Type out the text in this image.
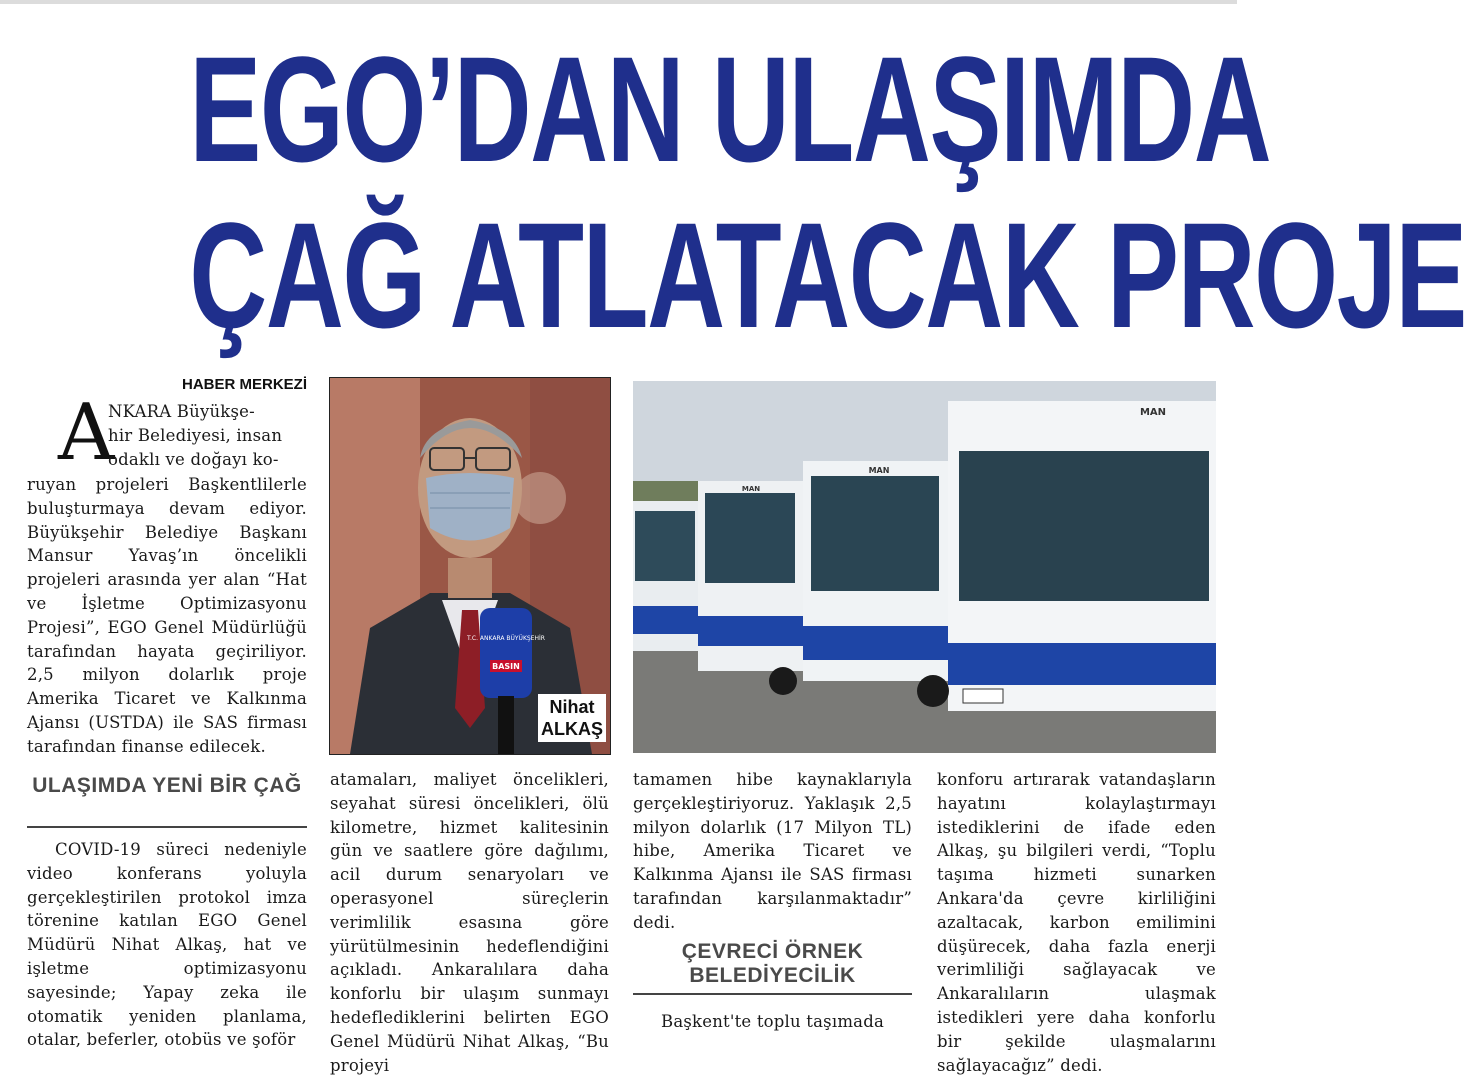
EGO’DAN ULAŞIMDA
ÇAĞ ATLATACAK PROJE
HABER MERKEZİ
A

NKARA Büyükşe-

hir Belediyesi, insan

odaklı ve doğayı ko-

ruyan projeleri Başkentlilerle buluşturmaya devam ediyor. Büyükşehir Belediye Başkanı Mansur Yavaş’ın öncelikli projeleri arasında yer alan “Hat ve İşletme Optimizasyonu Projesi”, EGO Genel Müdürlüğü tarafından hayata geçiriliyor. 2,5 milyon dolarlık proje Amerika Ticaret ve Kalkınma Ajansı (USTDA) ile SAS firması tarafından finanse edilecek.

ULAŞIMDA YENİ BİR ÇAĞ

COVID-19 süreci nedeniyle video konferans yoluyla gerçekleştirilen protokol imza törenine katılan EGO Genel Müdürü Nihat Alkaş, hat ve işletme optimizasyonu sayesinde; Yapay zeka ile otomatik yeniden planlama, otalar, beferler, otobüs ve şoför

T.C. ANKARA BÜYÜKŞEHİR
BASIN
Nihat
ALKAŞ

atamaları, maliyet öncelikleri, seyahat süresi öncelikleri, ölü kilometre, hizmet kalitesinin gün ve saatlere göre dağılımı, acil durum senaryoları ve operasyonel süreçlerin verimlilik esasına göre yürütülmesinin hedeflendiğini açıkladı. Ankaralılara daha konforlu bir ulaşım sunmayı hedeflediklerini belirten EGO Genel Müdürü Nihat Alkaş, “Bu projeyi

MAN
MAN
MAN

tamamen hibe kaynaklarıyla gerçekleştiriyoruz. Yaklaşık 2,5 milyon dolarlık (17 Milyon TL) hibe, Amerika Ticaret ve Kalkınma Ajansı ile SAS firması tarafından karşılanmaktadır” dedi.

ÇEVRECİ ÖRNEK BELEDİYECİLİK

Başkent'te toplu taşımada

konforu artırarak vatandaşların hayatını kolaylaştırmayı istediklerini de ifade eden Alkaş, şu bilgileri verdi, “Toplu taşıma hizmeti sunarken Ankara'da çevre kirliliğini azaltacak, karbon emilimini düşürecek, daha fazla enerji verimliliği sağlayacak ve Ankaralıların ulaşmak istedikleri yere daha konforlu bir şekilde ulaşmalarını sağlayacağız” dedi.
